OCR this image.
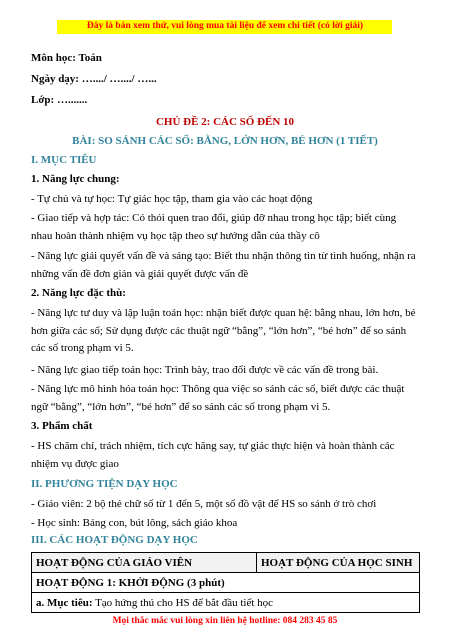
Đây là bản xem thử, vui lòng mua tài liệu để xem chi tiết (có lời giải)
Môn học: Toán
Ngày dạy: …..../ …..../ …...
Lớp: ….......
CHỦ ĐỀ 2: CÁC SỐ ĐẾN 10
BÀI: SO SÁNH CÁC SỐ: BẰNG, LỚN HƠN, BÉ HƠN (1 TIẾT)
I. MỤC TIÊU
1. Năng lực chung:
- Tự chủ và tự học: Tự giác học tập, tham gia vào các hoạt động
- Giao tiếp và hợp tác: Có thói quen trao đổi, giúp đỡ nhau trong học tập; biết cùng nhau hoàn thành nhiệm vụ học tập theo sự hướng dẫn của thầy cô
- Năng lực giải quyết vấn đề và sáng tạo: Biết thu nhận thông tin từ tình huống, nhận ra những vấn đề đơn giản và giải quyết được vấn đề
2. Năng lực đặc thù:
- Năng lực tư duy và lập luận toán học: nhận biết được quan hệ: bằng nhau, lớn hơn, bé hơn giữa các số; Sử dụng được các thuật ngữ “bằng”, “lớn hơn”, “bé hơn” để so sánh các số trong phạm vi 5.
- Năng lực giao tiếp toán học: Trình bày, trao đổi được về các vấn đề trong bài.
- Năng lực mô hình hóa toán học: Thông qua việc so sánh các số, biết được các thuật ngữ “bằng”, “lớn hơn”, “bé hơn” để so sánh các số trong phạm vi 5.
3. Phẩm chất
- HS chăm chỉ, trách nhiệm, tích cực hăng say, tự giác thực hiện và hoàn thành các nhiệm vụ được giao
II. PHƯƠNG TIỆN DẠY HỌC
- Giáo viên: 2 bộ thẻ chữ số từ 1 đến 5, một số đồ vật để HS so sánh ở trò chơi
- Học sinh: Bảng con, bút lông, sách giáo khoa
III. CÁC HOẠT ĐỘNG DẠY HỌC
HOẠT ĐỘNG CỦA GIÁO VIÊN	HOẠT ĐỘNG CỦA HỌC SINH
HOẠT ĐỘNG 1: KHỞI ĐỘNG (3 phút)
a. Mục tiêu: Tạo hứng thú cho HS để bắt đầu tiết học
Mọi thắc mắc vui lòng xin liên hệ hotline: 084 283 45 85
